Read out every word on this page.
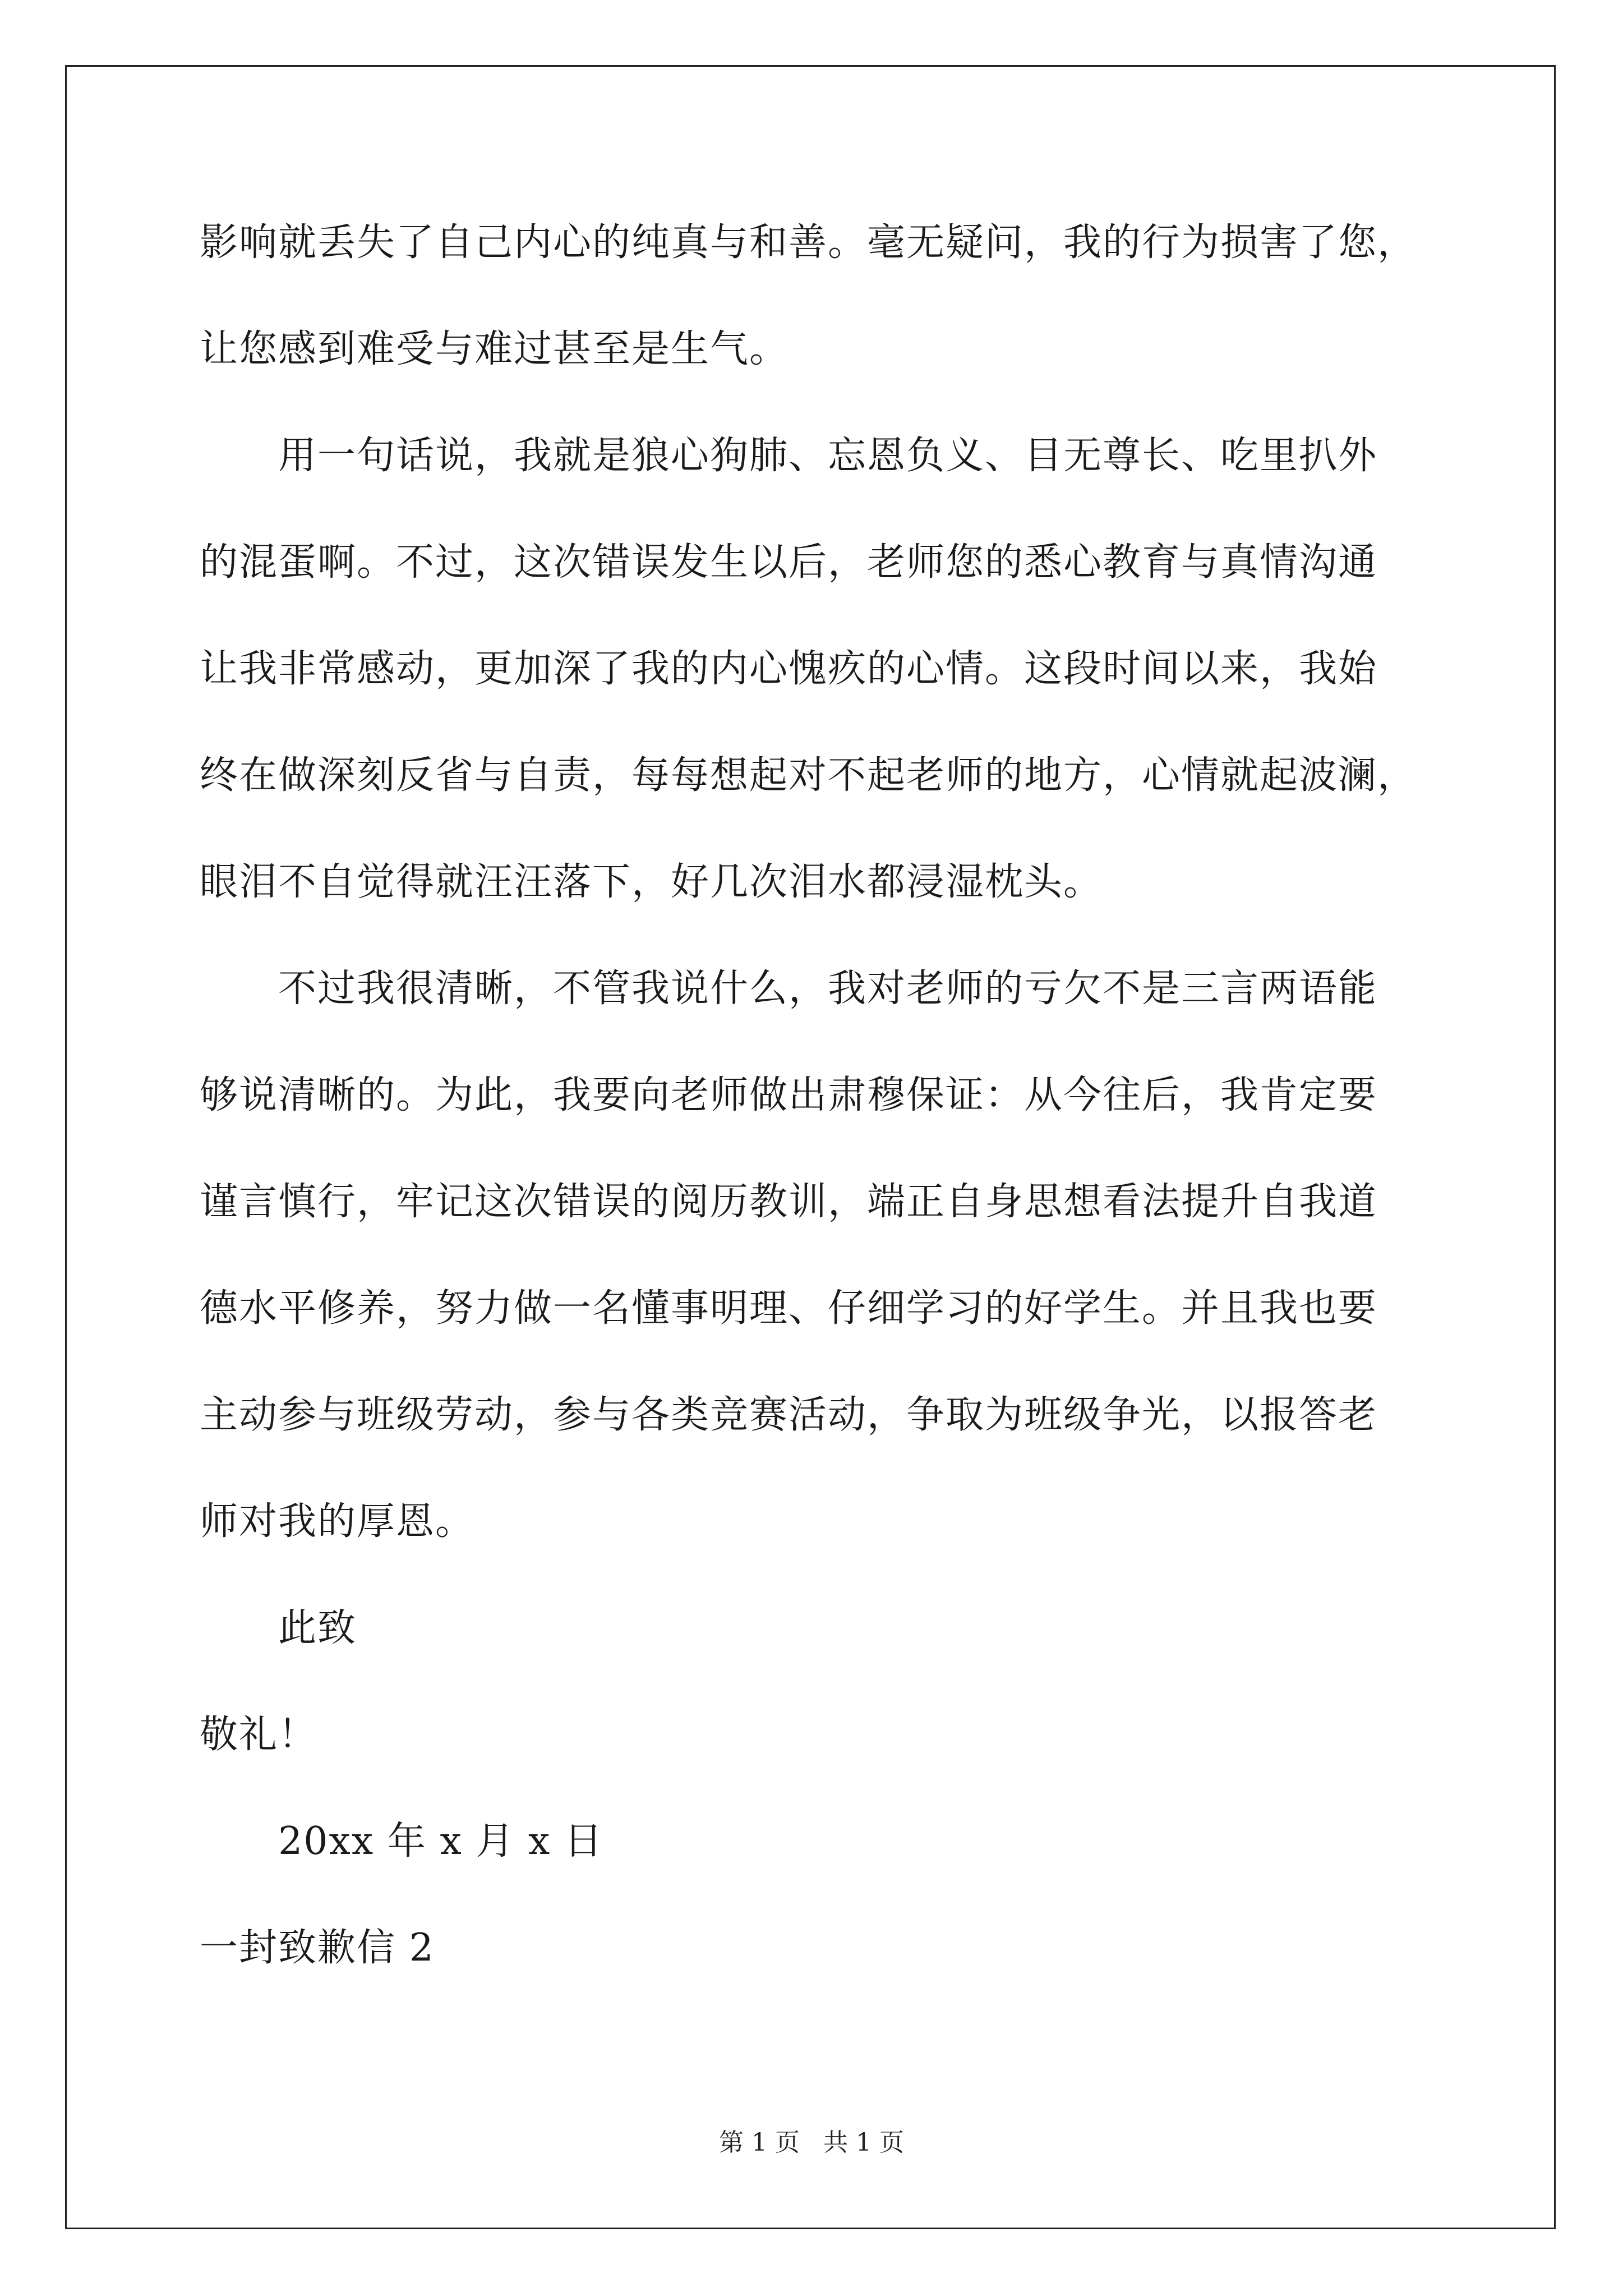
影响就丢失了自己内心的纯真与和善。毫无疑问，我的行为损害了您，
让您感到难受与难过甚至是生气。
用一句话说，我就是狼心狗肺、忘恩负义、目无尊长、吃里扒外
的混蛋啊。不过，这次错误发生以后，老师您的悉心教育与真情沟通
让我非常感动，更加深了我的内心愧疚的心情。这段时间以来，我始
终在做深刻反省与自责，每每想起对不起老师的地方，心情就起波澜，
眼泪不自觉得就汪汪落下，好几次泪水都浸湿枕头。
不过我很清晰，不管我说什么，我对老师的亏欠不是三言两语能
够说清晰的。为此，我要向老师做出肃穆保证：从今往后，我肯定要
谨言慎行，牢记这次错误的阅历教训，端正自身思想看法提升自我道
德水平修养，努力做一名懂事明理、仔细学习的好学生。并且我也要
主动参与班级劳动，参与各类竞赛活动，争取为班级争光，以报答老
师对我的厚恩。
此致
敬礼！
20xx 年 x 月 x 日
一封致歉信 2
第 1 页   共 1 页
